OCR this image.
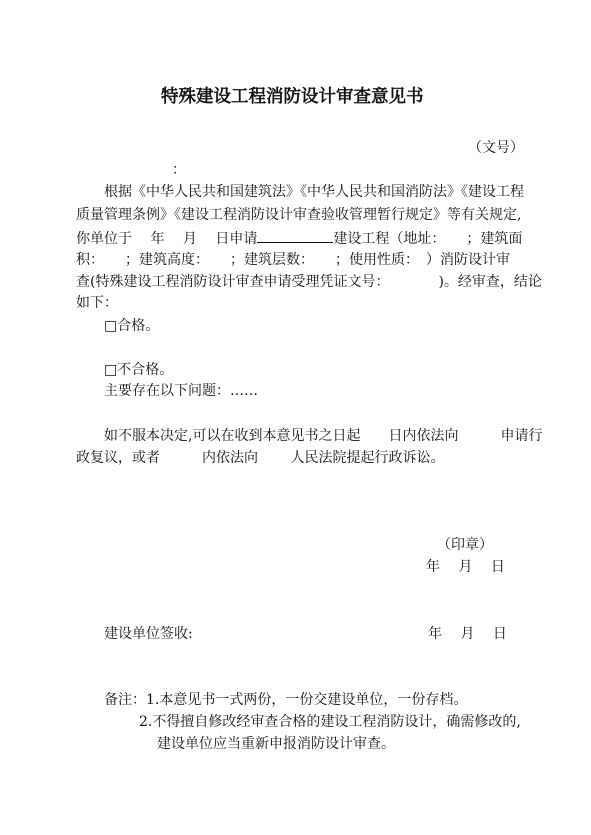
特殊建设工程消防设计审查意见书
（文号）
：
根据《中华人民共和国建筑法》《中华人民共和国消防法》《建设工程
质量管理条例》《建设工程消防设计审查验收管理暂行规定》等有关规定,
你单位于　 年　 月　 日申请	建设工程（地址：　　；建筑面
积：　　；建筑高度：　　；建筑层数：　　；使用性质：　）消防设计审
查(特殊建设工程消防设计审查申请受理凭证文号：　　　　)。经审查，结论
如下：
□合格。
□不合格。
主要存在以下问题：……
如不服本决定,可以在收到本意见书之日起　　日内依法向　　　申请行
政复议，或者　　　内依法向　　 人民法院提起行政诉讼。
（印章）
年　 月　 日
建设单位签收:	年　 月　 日
备注： 1.本意见书一式两份，一份交建设单位，一份存档。
2.不得擅自修改经审查合格的建设工程消防设计，确需修改的,
建设单位应当重新申报消防设计审查。
